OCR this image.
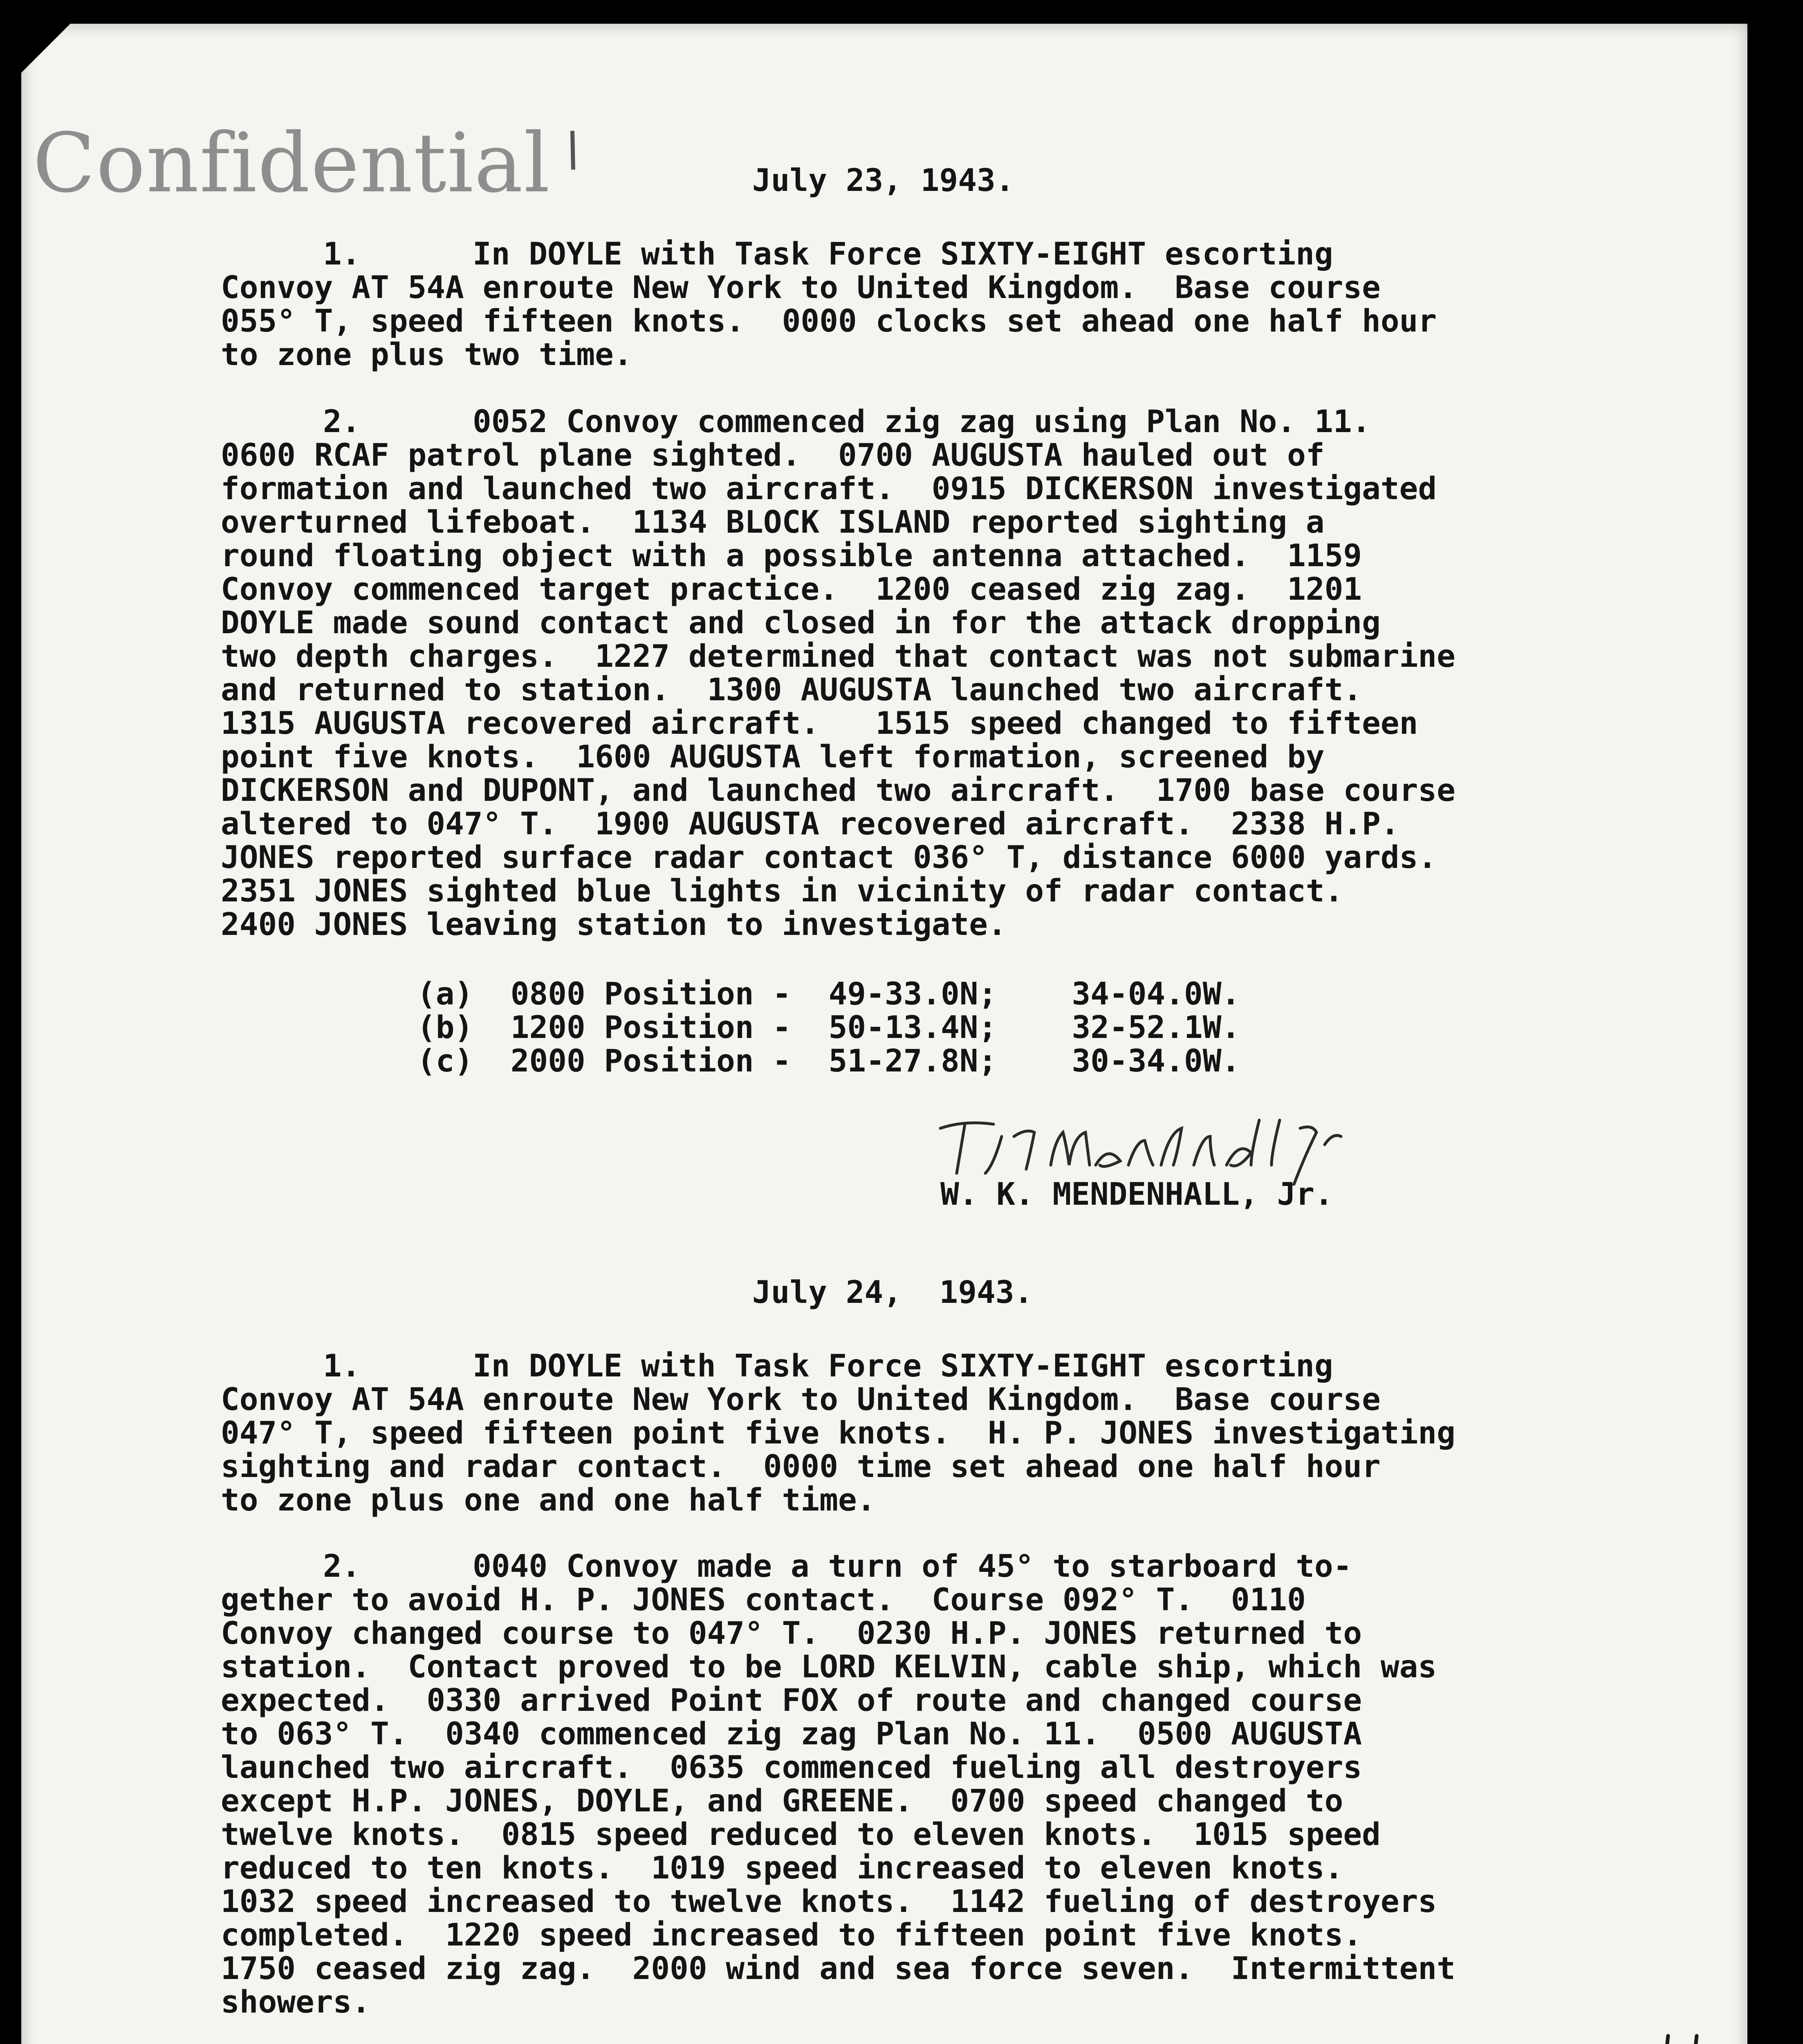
Confidential	July 23, 1943.
1.      In DOYLE with Task Force SIXTY-EIGHT escorting
Convoy AT 54A enroute New York to United Kingdom.  Base course
055° T, speed fifteen knots.  0000 clocks set ahead one half hour
to zone plus two time.
2.      0052 Convoy commenced zig zag using Plan No. 11.
0600 RCAF patrol plane sighted.  0700 AUGUSTA hauled out of
formation and launched two aircraft.  0915 DICKERSON investigated
overturned lifeboat.  1134 BLOCK ISLAND reported sighting a
round floating object with a possible antenna attached.  1159
Convoy commenced target practice.  1200 ceased zig zag.  1201
DOYLE made sound contact and closed in for the attack dropping
two depth charges.  1227 determined that contact was not submarine
and returned to station.  1300 AUGUSTA launched two aircraft.
1315 AUGUSTA recovered aircraft.   1515 speed changed to fifteen
point five knots.  1600 AUGUSTA left formation, screened by
DICKERSON and DUPONT, and launched two aircraft.  1700 base course
altered to 047° T.  1900 AUGUSTA recovered aircraft.  2338 H.P.
JONES reported surface radar contact 036° T, distance 6000 yards.
2351 JONES sighted blue lights in vicinity of radar contact.
2400 JONES leaving station to investigate.
(a)  0800 Position -  49-33.0N;    34-04.0W.
(b)  1200 Position -  50-13.4N;    32-52.1W.
(c)  2000 Position -  51-27.8N;    30-34.0W.
W. K. MENDENHALL, Jr.
July 24,  1943.
1.      In DOYLE with Task Force SIXTY-EIGHT escorting
Convoy AT 54A enroute New York to United Kingdom.  Base course
047° T, speed fifteen point five knots.  H. P. JONES investigating
sighting and radar contact.  0000 time set ahead one half hour
to zone plus one and one half time.
2.      0040 Convoy made a turn of 45° to starboard to-
gether to avoid H. P. JONES contact.  Course 092° T.  0110
Convoy changed course to 047° T.  0230 H.P. JONES returned to
station.  Contact proved to be LORD KELVIN, cable ship, which was
expected.  0330 arrived Point FOX of route and changed course
to 063° T.  0340 commenced zig zag Plan No. 11.  0500 AUGUSTA
launched two aircraft.  0635 commenced fueling all destroyers
except H.P. JONES, DOYLE, and GREENE.  0700 speed changed to
twelve knots.  0815 speed reduced to eleven knots.  1015 speed
reduced to ten knots.  1019 speed increased to eleven knots.
1032 speed increased to twelve knots.  1142 fueling of destroyers
completed.  1220 speed increased to fifteen point five knots.
1750 ceased zig zag.  2000 wind and sea force seven.  Intermittent
showers.
